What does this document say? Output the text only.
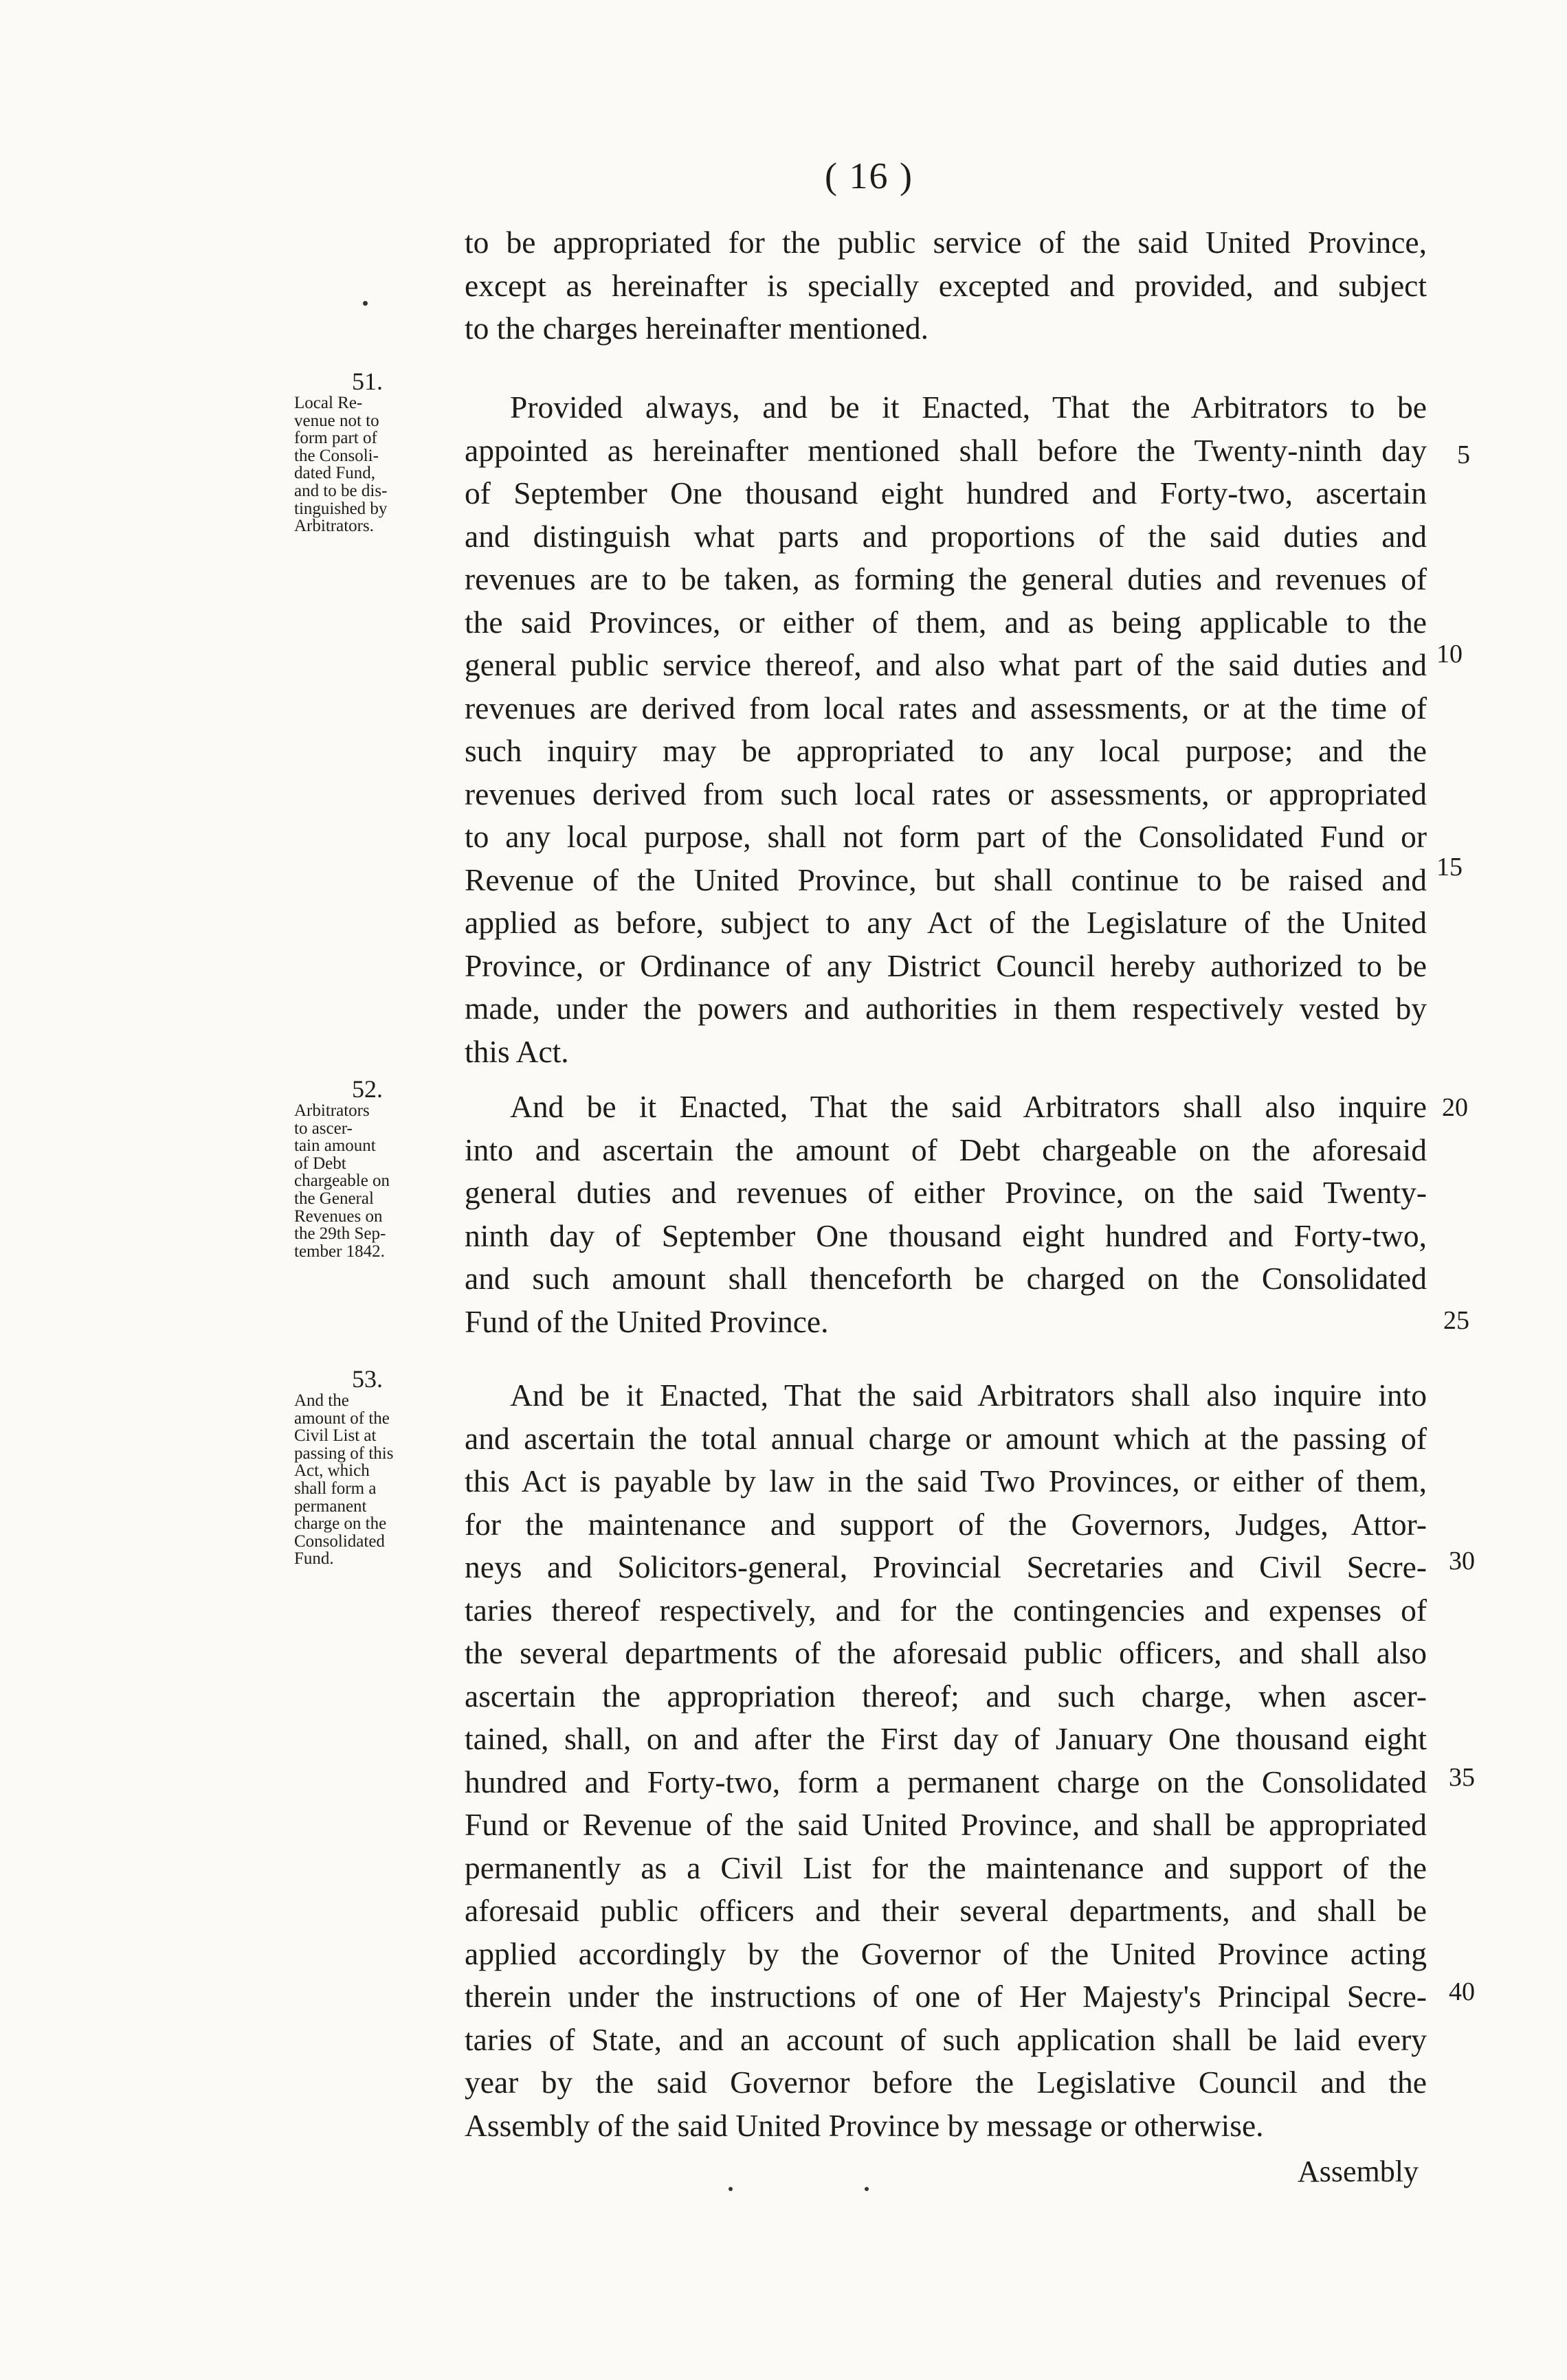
( 16 )
to be appropriated for the public service of the said United Province,
except as hereinafter is specially excepted and provided, and subject
to the charges hereinafter mentioned.
51.
Local Re-
venue not to
form part of
the Consoli-
dated Fund,
and to be dis-
tinguished by
Arbitrators.
Provided always, and be it Enacted, That the Arbitrators to be
appointed as hereinafter mentioned shall before the Twenty-ninth day
of September One thousand eight hundred and Forty-two, ascertain
and distinguish what parts and proportions of the said duties and
revenues are to be taken, as forming the general duties and revenues of
the said Provinces, or either of them, and as being applicable to the
general public service thereof, and also what part of the said duties and
revenues are derived from local rates and assessments, or at the time of
such inquiry may be appropriated to any local purpose; and the
revenues derived from such local rates or assessments, or appropriated
to any local purpose, shall not form part of the Consolidated Fund or
Revenue of the United Province, but shall continue to be raised and
applied as before, subject to any Act of the Legislature of the United
Province, or Ordinance of any District Council hereby authorized to be
made, under the powers and authorities in them respectively vested by
this Act.
52.
Arbitrators
to ascer-
tain amount
of Debt
chargeable on
the General
Revenues on
the 29th Sep-
tember 1842.
And be it Enacted, That the said Arbitrators shall also inquire
into and ascertain the amount of Debt chargeable on the aforesaid
general duties and revenues of either Province, on the said Twenty-
ninth day of September One thousand eight hundred and Forty-two,
and such amount shall thenceforth be charged on the Consolidated
Fund of the United Province.
53.
And the
amount of the
Civil List at
passing of this
Act, which
shall form a
permanent
charge on the
Consolidated
Fund.
And be it Enacted, That the said Arbitrators shall also inquire into
and ascertain the total annual charge or amount which at the passing of
this Act is payable by law in the said Two Provinces, or either of them,
for the maintenance and support of the Governors, Judges, Attor-
neys and Solicitors-general, Provincial Secretaries and Civil Secre-
taries thereof respectively, and for the contingencies and expenses of
the several departments of the aforesaid public officers, and shall also
ascertain the appropriation thereof; and such charge, when ascer-
tained, shall, on and after the First day of January One thousand eight
hundred and Forty-two, form a permanent charge on the Consolidated
Fund or Revenue of the said United Province, and shall be appropriated
permanently as a Civil List for the maintenance and support of the
aforesaid public officers and their several departments, and shall be
applied accordingly by the Governor of the United Province acting
therein under the instructions of one of Her Majesty's Principal Secre-
taries of State, and an account of such application shall be laid every
year by the said Governor before the Legislative Council and the
Assembly of the said United Province by message or otherwise.
5
10
15
20
25
30
35
40
Assembly
